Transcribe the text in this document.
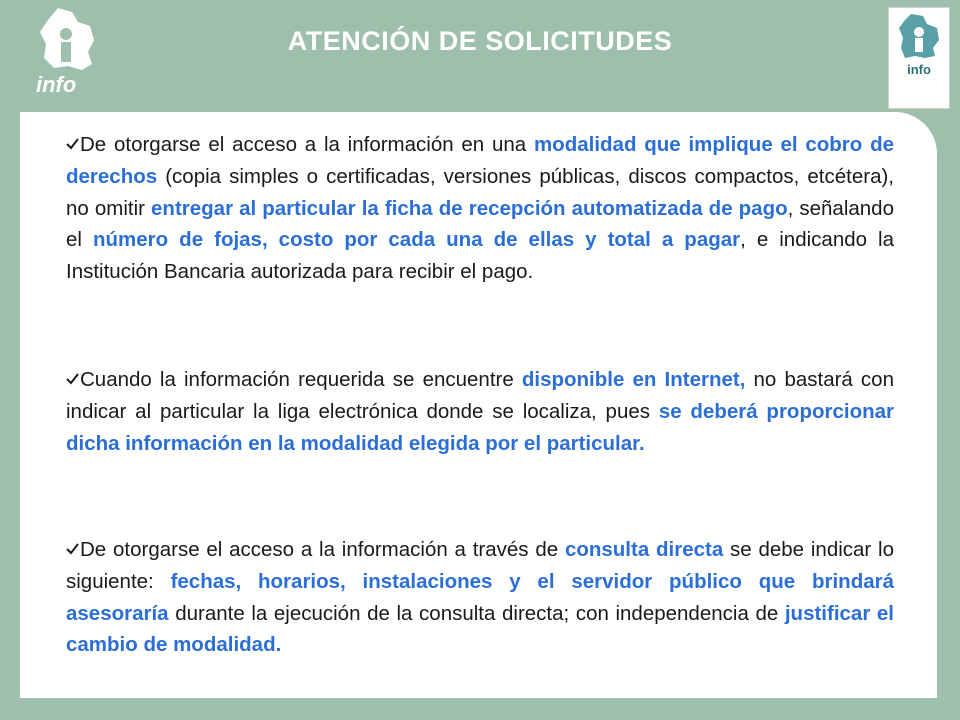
info
ATENCIÓN DE SOLICITUDES
info
De otorgarse el acceso a la información en una modalidad que implique el cobro de derechos (copia simples o certificadas, versiones públicas, discos compactos, etcétera), no omitir entregar al particular la ficha de recepción automatizada de pago, señalando el número de fojas, costo por cada una de ellas y total a pagar, e indicando la Institución Bancaria autorizada para recibir el pago.
Cuando la información requerida se encuentre disponible en Internet, no bastará con indicar al particular la liga electrónica donde se localiza, pues se deberá proporcionar dicha información en la modalidad elegida por el particular.
De otorgarse el acceso a la información a través de consulta directa se debe indicar lo siguiente: fechas, horarios, instalaciones y el servidor público que brindará asesoraría durante la ejecución de la consulta directa; con independencia de justificar el cambio de modalidad.
